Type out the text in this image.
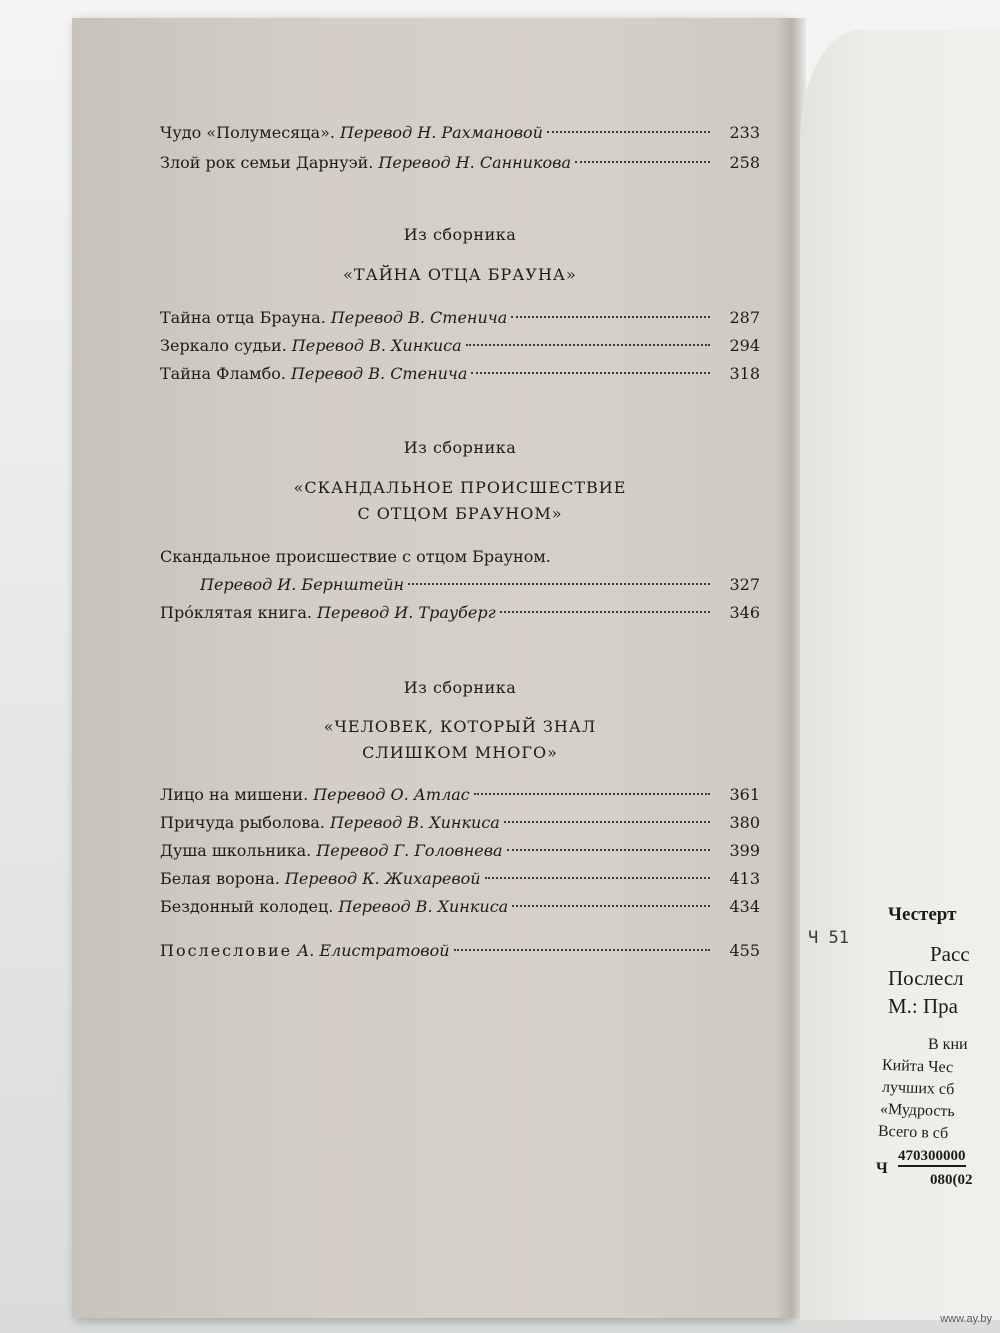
Чудо «Полумесяца». Перевод Н. Рахмановой	233
Злой рок семьи Дарнуэй. Перевод Н. Санникова	258
Из сборника
«ТАЙНА ОТЦА БРАУНА»
Тайна отца Брауна. Перевод В. Стенича	287
Зеркало судьи. Перевод В. Хинкиса	294
Тайна Фламбо. Перевод В. Стенича	318
Из сборника
«СКАНДАЛЬНОЕ ПРОИСШЕСТВИЕ
С ОТЦОМ БРАУНОМ»
Скандальное происшествие с отцом Брауном.
Перевод И. Бернштейн	327
Прóклятая книга. Перевод И. Трауберг	346
Из сборника
«ЧЕЛОВЕК, КОТОРЫЙ ЗНАЛ
СЛИШКОМ МНОГО»
Лицо на мишени. Перевод О. Атлас	361
Причуда рыболова. Перевод В. Хинкиса	380
Душа школьника. Перевод Г. Головнева	399
Белая ворона. Перевод К. Жихаревой	413
Бездонный колодец. Перевод В. Хинкиса	434
Послесловие А. Елистратовой	455
Ч 51
Честерт
Расс
Послесл
М.: Пра
В кни
Кийта Чес
лучших сб
«Мудрость
Всего в сб
Ч
470300000
080(02
www.ay.by
